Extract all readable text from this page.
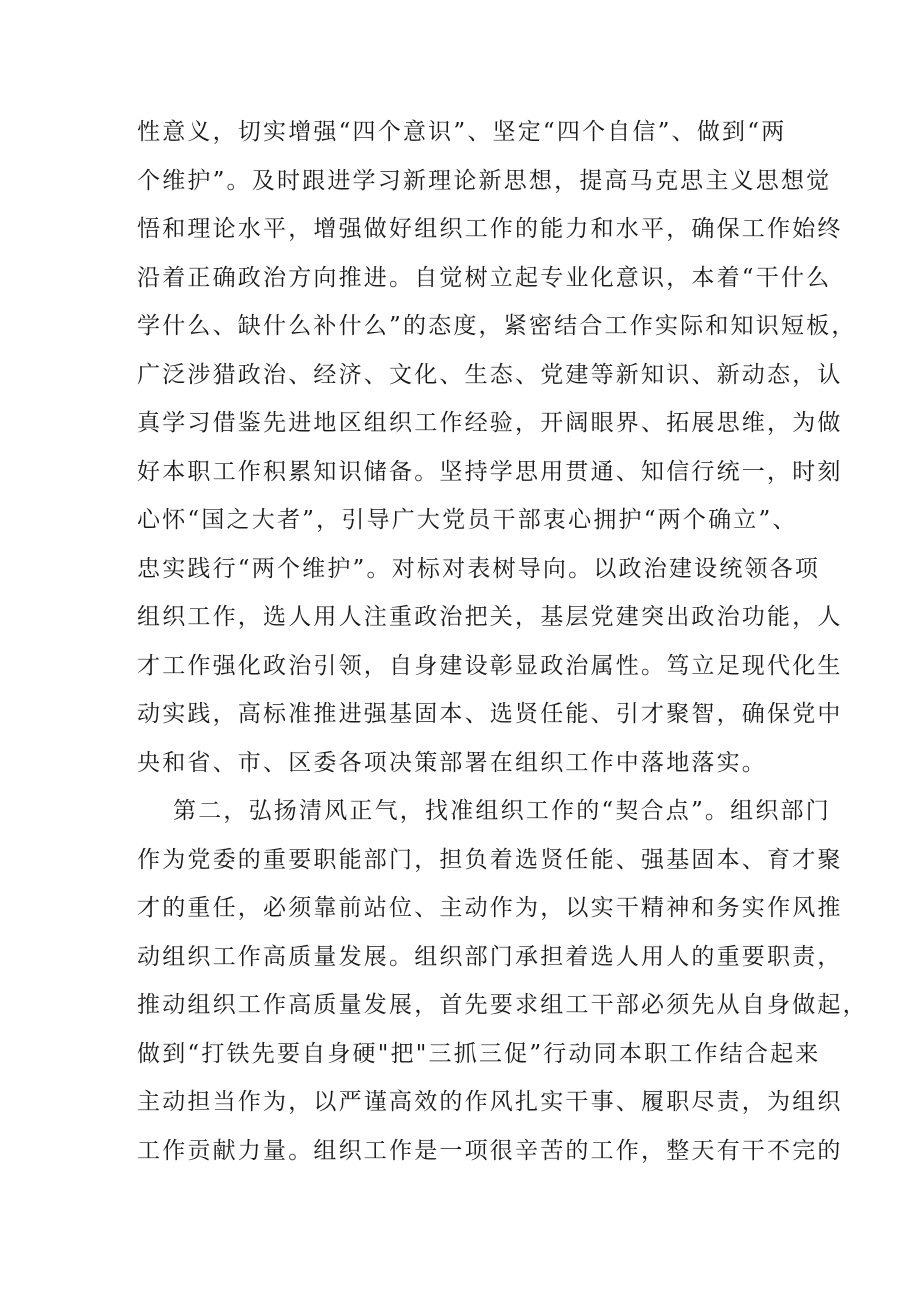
性意义，切实增强“四个意识”、坚定“四个自信”、做到“两
个维护”。及时跟进学习新理论新思想，提高马克思主义思想觉
悟和理论水平，增强做好组织工作的能力和水平，确保工作始终
沿着正确政治方向推进。自觉树立起专业化意识，本着“干什么
学什么、缺什么补什么”的态度，紧密结合工作实际和知识短板，
广泛涉猎政治、经济、文化、生态、党建等新知识、新动态，认
真学习借鉴先进地区组织工作经验，开阔眼界、拓展思维，为做
好本职工作积累知识储备。坚持学思用贯通、知信行统一，时刻
心怀“国之大者”，引导广大党员干部衷心拥护“两个确立”、
忠实践行“两个维护”。对标对表树导向。以政治建设统领各项
组织工作，选人用人注重政治把关，基层党建突出政治功能，人
才工作强化政治引领，自身建设彰显政治属性。笃立足现代化生
动实践，高标准推进强基固本、选贤任能、引才聚智，确保党中
央和省、市、区委各项决策部署在组织工作中落地落实。
第二，弘扬清风正气，找准组织工作的“契合点”。组织部门
作为党委的重要职能部门，担负着选贤任能、强基固本、育才聚
才的重任，必须靠前站位、主动作为，以实干精神和务实作风推
动组织工作高质量发展。组织部门承担着选人用人的重要职责，
推动组织工作高质量发展，首先要求组工干部必须先从自身做起，
做到“打铁先要自身硬"把"三抓三促”行动同本职工作结合起来
主动担当作为，以严谨高效的作风扎实干事、履职尽责，为组织
工作贡献力量。组织工作是一项很辛苦的工作，整天有干不完的
